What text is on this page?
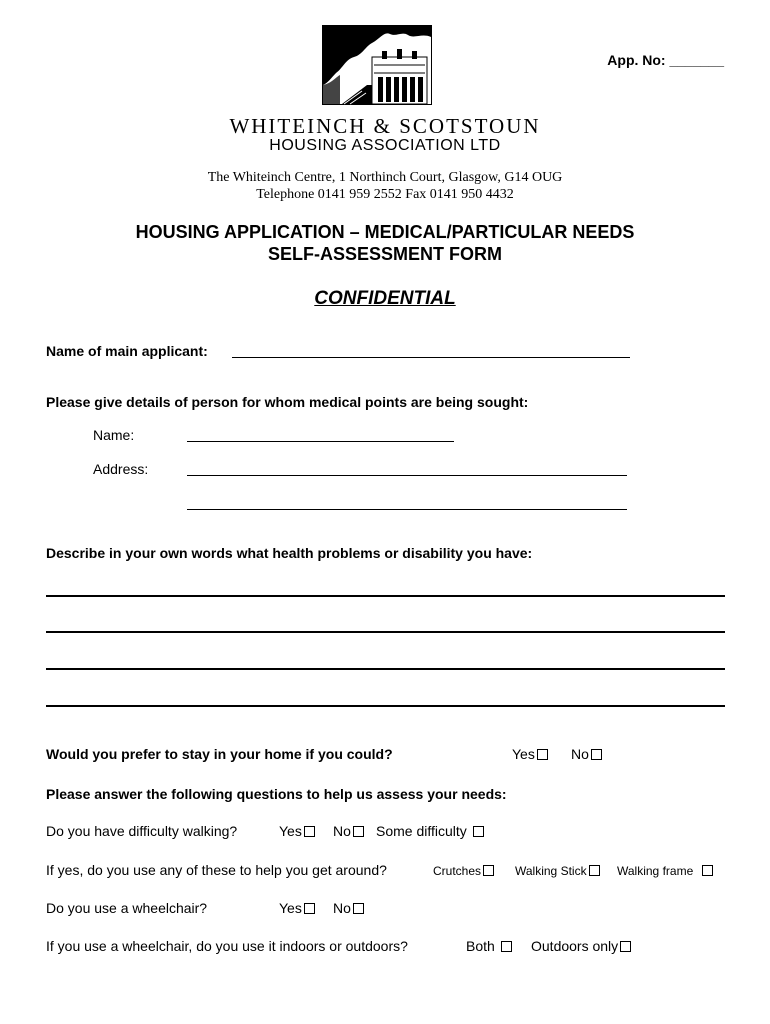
App. No: _______
WHITEINCH & SCOTSTOUN
HOUSING ASSOCIATION LTD
The Whiteinch Centre, 1 Northinch Court, Glasgow, G14 OUG
Telephone 0141 959 2552 Fax 0141 950 4432
HOUSING APPLICATION – MEDICAL/PARTICULAR NEEDS
SELF-ASSESSMENT FORM
CONFIDENTIAL
Name of main applicant:
Please give details of person for whom medical points are being sought:
Name:
Address:
Describe in your own words what health problems or disability you have:
Would you prefer to stay in your home if you could?	Yes	No
Please answer the following questions to help us assess your needs:
Do you have difficulty walking?	Yes	No	Some difficulty
If yes, do you use any of these to help you get around?	Crutches	Walking Stick	Walking frame
Do you use a wheelchair?	Yes	No
If you use a wheelchair, do you use it indoors or outdoors?	Both	Outdoors only
